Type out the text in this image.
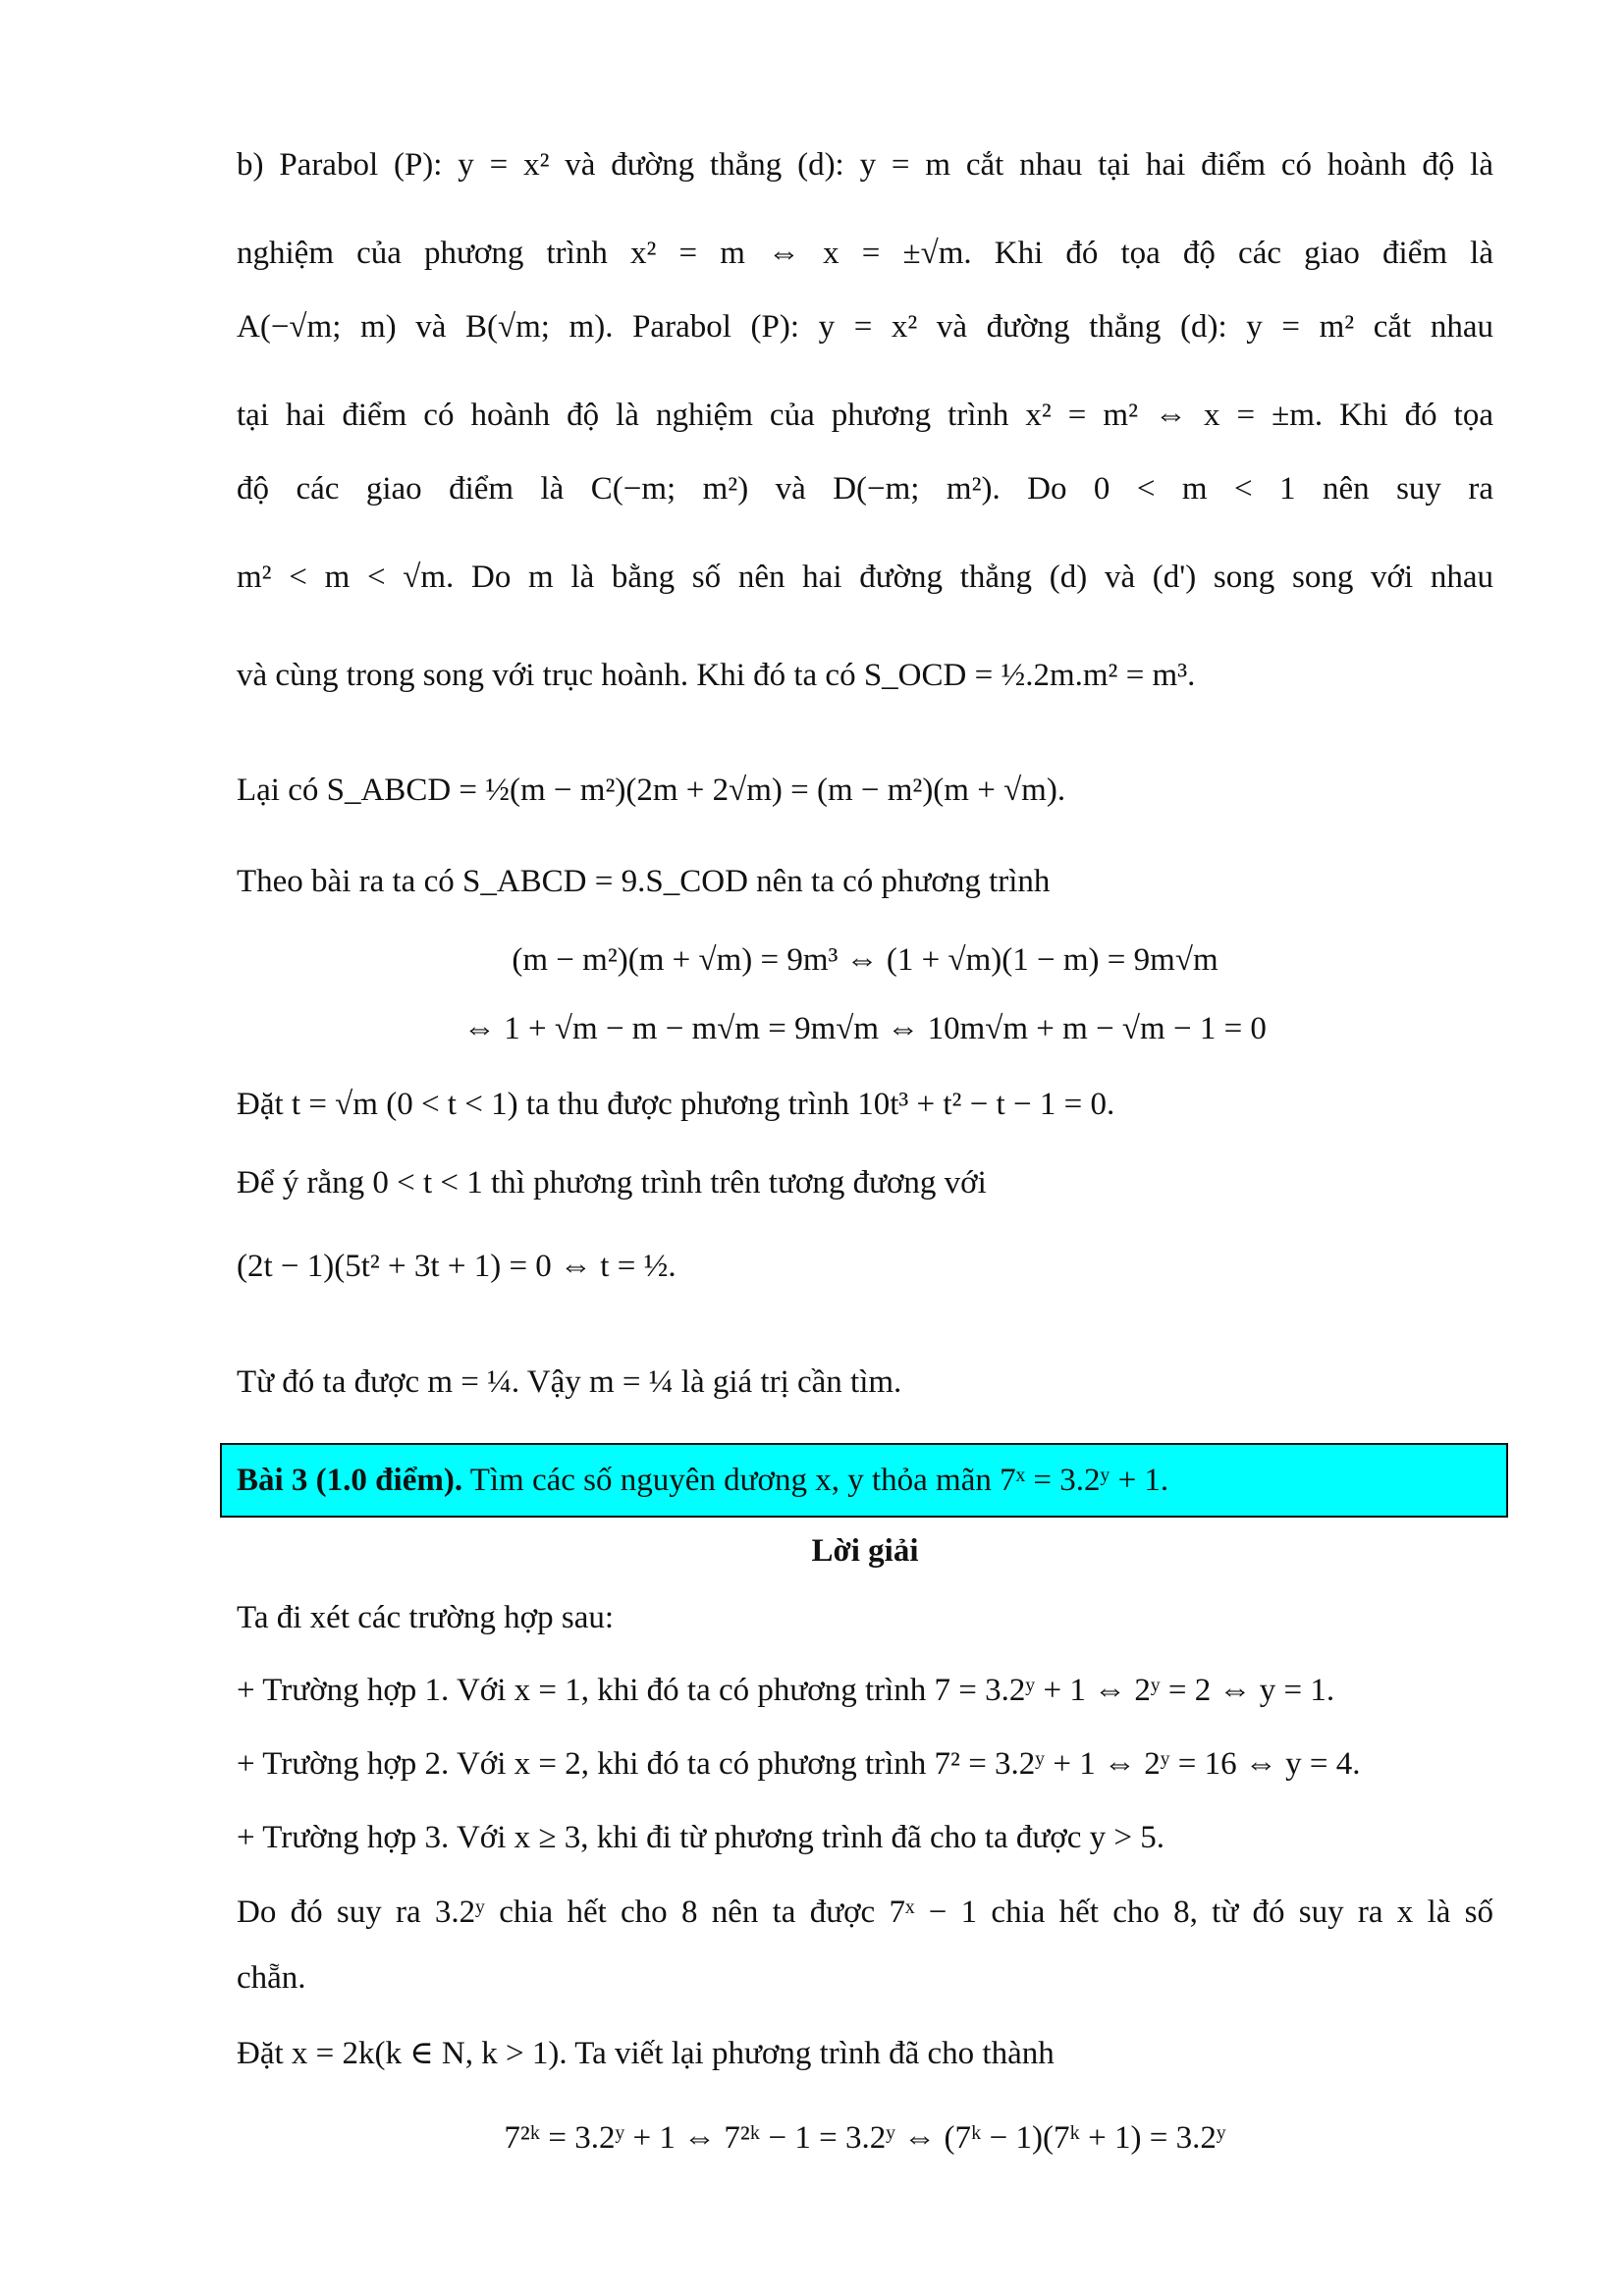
b) Parabol (P): y = x² và đường thẳng (d): y = m cắt nhau tại hai điểm có hoành độ là
nghiệm của phương trình x² = m ⇔ x = ±√m. Khi đó tọa độ các giao điểm là
A(−√m; m) và B(√m; m). Parabol (P): y = x² và đường thẳng (d): y = m² cắt nhau
tại hai điểm có hoành độ là nghiệm của phương trình x² = m² ⇔ x = ±m. Khi đó tọa
độ các giao điểm là C(−m; m²) và D(−m; m²). Do 0 < m < 1 nên suy ra
m² < m < √m. Do m là bằng số nên hai đường thẳng (d) và (d') song song với nhau
và cùng trong song với trục hoành. Khi đó ta có S_OCD = ½.2m.m² = m³.
Lại có S_ABCD = ½(m − m²)(2m + 2√m) = (m − m²)(m + √m).
Theo bài ra ta có S_ABCD = 9.S_COD nên ta có phương trình
(m − m²)(m + √m) = 9m³ ⇔ (1 + √m)(1 − m) = 9m√m
⇔ 1 + √m − m − m√m = 9m√m ⇔ 10m√m + m − √m − 1 = 0
Đặt t = √m (0 < t < 1) ta thu được phương trình 10t³ + t² − t − 1 = 0.
Để ý rằng 0 < t < 1 thì phương trình trên tương đương với
(2t − 1)(5t² + 3t + 1) = 0 ⇔ t = ½.
Từ đó ta được m = ¼. Vậy m = ¼ là giá trị cần tìm.
Bài 3 (1.0 điểm). Tìm các số nguyên dương x, y thỏa mãn 7ˣ = 3.2ʸ + 1.
Lời giải
Ta đi xét các trường hợp sau:
+ Trường hợp 1. Với x = 1, khi đó ta có phương trình 7 = 3.2ʸ + 1 ⇔ 2ʸ = 2 ⇔ y = 1.
+ Trường hợp 2. Với x = 2, khi đó ta có phương trình 7² = 3.2ʸ + 1 ⇔ 2ʸ = 16 ⇔ y = 4.
+ Trường hợp 3. Với x ≥ 3, khi đi từ phương trình đã cho ta được y > 5.
Do đó suy ra 3.2ʸ chia hết cho 8 nên ta được 7ˣ − 1 chia hết cho 8, từ đó suy ra x là số
chẵn.
Đặt x = 2k(k ∈ N, k > 1). Ta viết lại phương trình đã cho thành
7²ᵏ = 3.2ʸ + 1 ⇔ 7²ᵏ − 1 = 3.2ʸ ⇔ (7ᵏ − 1)(7ᵏ + 1) = 3.2ʸ
